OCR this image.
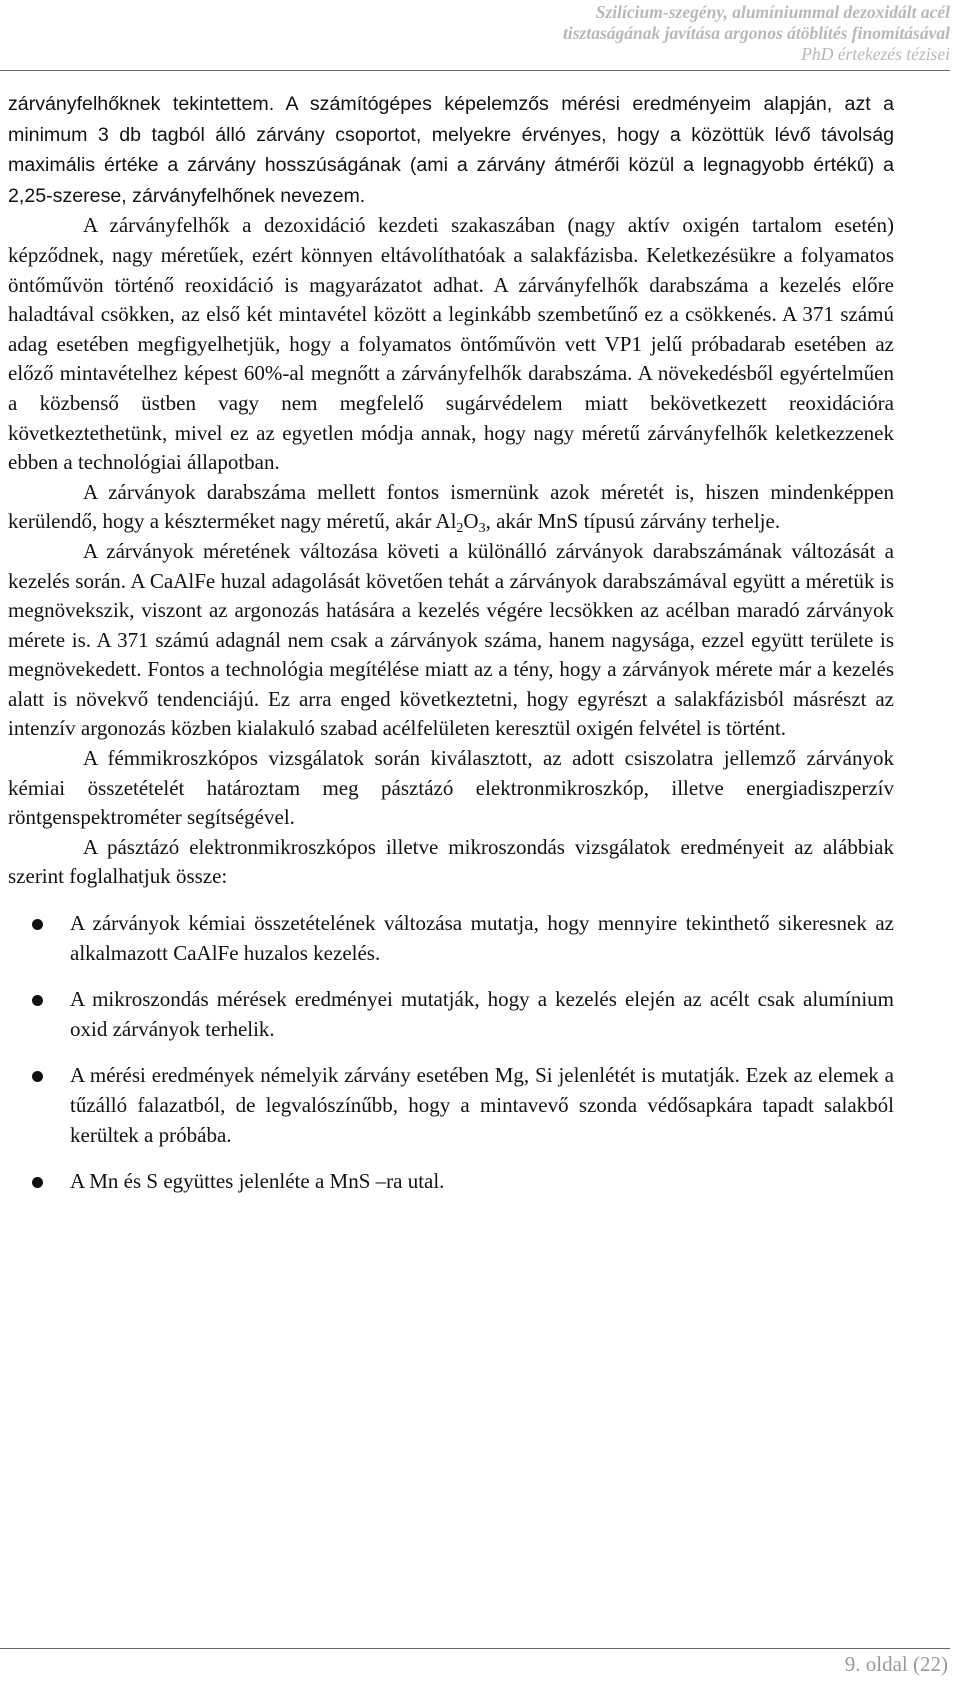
Szilícium-szegény, alumíniummal dezoxidált acél
tisztaságának javítása argonos átöblítés finomításával
PhD értekezés tézisei

zárványfelhőknek tekintettem. A számítógépes képelemzős mérési eredményeim alapján, azt a minimum 3 db tagból álló zárvány csoportot, melyekre érvényes, hogy a közöttük lévő távolság maximális értéke a zárvány hosszúságának (ami a zárvány átmérői közül a legnagyobb értékű) a 2,25-szerese, zárványfelhőnek nevezem.

A zárványfelhők a dezoxidáció kezdeti szakaszában (nagy aktív oxigén tartalom esetén) képződnek, nagy méretűek, ezért könnyen eltávolíthatóak a salakfázisba. Keletkezésükre a folyamatos öntőművön történő reoxidáció is magyarázatot adhat. A zárványfelhők darabszáma a kezelés előre haladtával csökken, az első két mintavétel között a leginkább szembetűnő ez a csökkenés. A 371 számú adag esetében megfigyelhetjük, hogy a folyamatos öntőművön vett VP1 jelű próbadarab esetében az előző mintavételhez képest 60%-al megnőtt a zárványfelhők darabszáma. A növekedésből egyértelműen a közbenső üstben vagy nem megfelelő sugárvédelem miatt bekövetkezett reoxidációra következtethetünk, mivel ez az egyetlen módja annak, hogy nagy méretű zárványfelhők keletkezzenek ebben a technológiai állapotban.

A zárványok darabszáma mellett fontos ismernünk azok méretét is, hiszen mindenképpen kerülendő, hogy a készterméket nagy méretű, akár $Al_2O_3$, akár MnS típusú zárvány terhelje.

A zárványok méretének változása követi a különálló zárványok darabszámának változását a kezelés során. A CaAlFe huzal adagolását követően tehát a zárványok darabszámával együtt a méretük is megnövekszik, viszont az argonozás hatására a kezelés végére lecsökken az acélban maradó zárványok mérete is. A 371 számú adagnál nem csak a zárványok száma, hanem nagysága, ezzel együtt területe is megnövekedett. Fontos a technológia megítélése miatt az a tény, hogy a zárványok mérete már a kezelés alatt is növekvő tendenciájú. Ez arra enged következtetni, hogy egyrészt a salakfázisból másrészt az intenzív argonozás közben kialakuló szabad acélfelületen keresztül oxigén felvétel is történt.

A fémmikroszkópos vizsgálatok során kiválasztott, az adott csiszolatra jellemző zárványok kémiai összetételét határoztam meg pásztázó elektronmikroszkóp, illetve energiadiszperzív röntgenspektrométer segítségével.

A pásztázó elektronmikroszkópos illetve mikroszondás vizsgálatok eredményeit az alábbiak szerint foglalhatjuk össze:

A zárványok kémiai összetételének változása mutatja, hogy mennyire tekinthető sikeresnek az alkalmazott CaAlFe huzalos kezelés.
A mikroszondás mérések eredményei mutatják, hogy a kezelés elején az acélt csak alumínium oxid zárványok terhelik.
A mérési eredmények némelyik zárvány esetében Mg, Si jelenlétét is mutatják. Ezek az elemek a tűzálló falazatból, de legvalószínűbb, hogy a mintavevő szonda védősapkára tapadt salakból kerültek a próbába.
A Mn és S együttes jelenléte a MnS –ra utal.
9. oldal (22)
